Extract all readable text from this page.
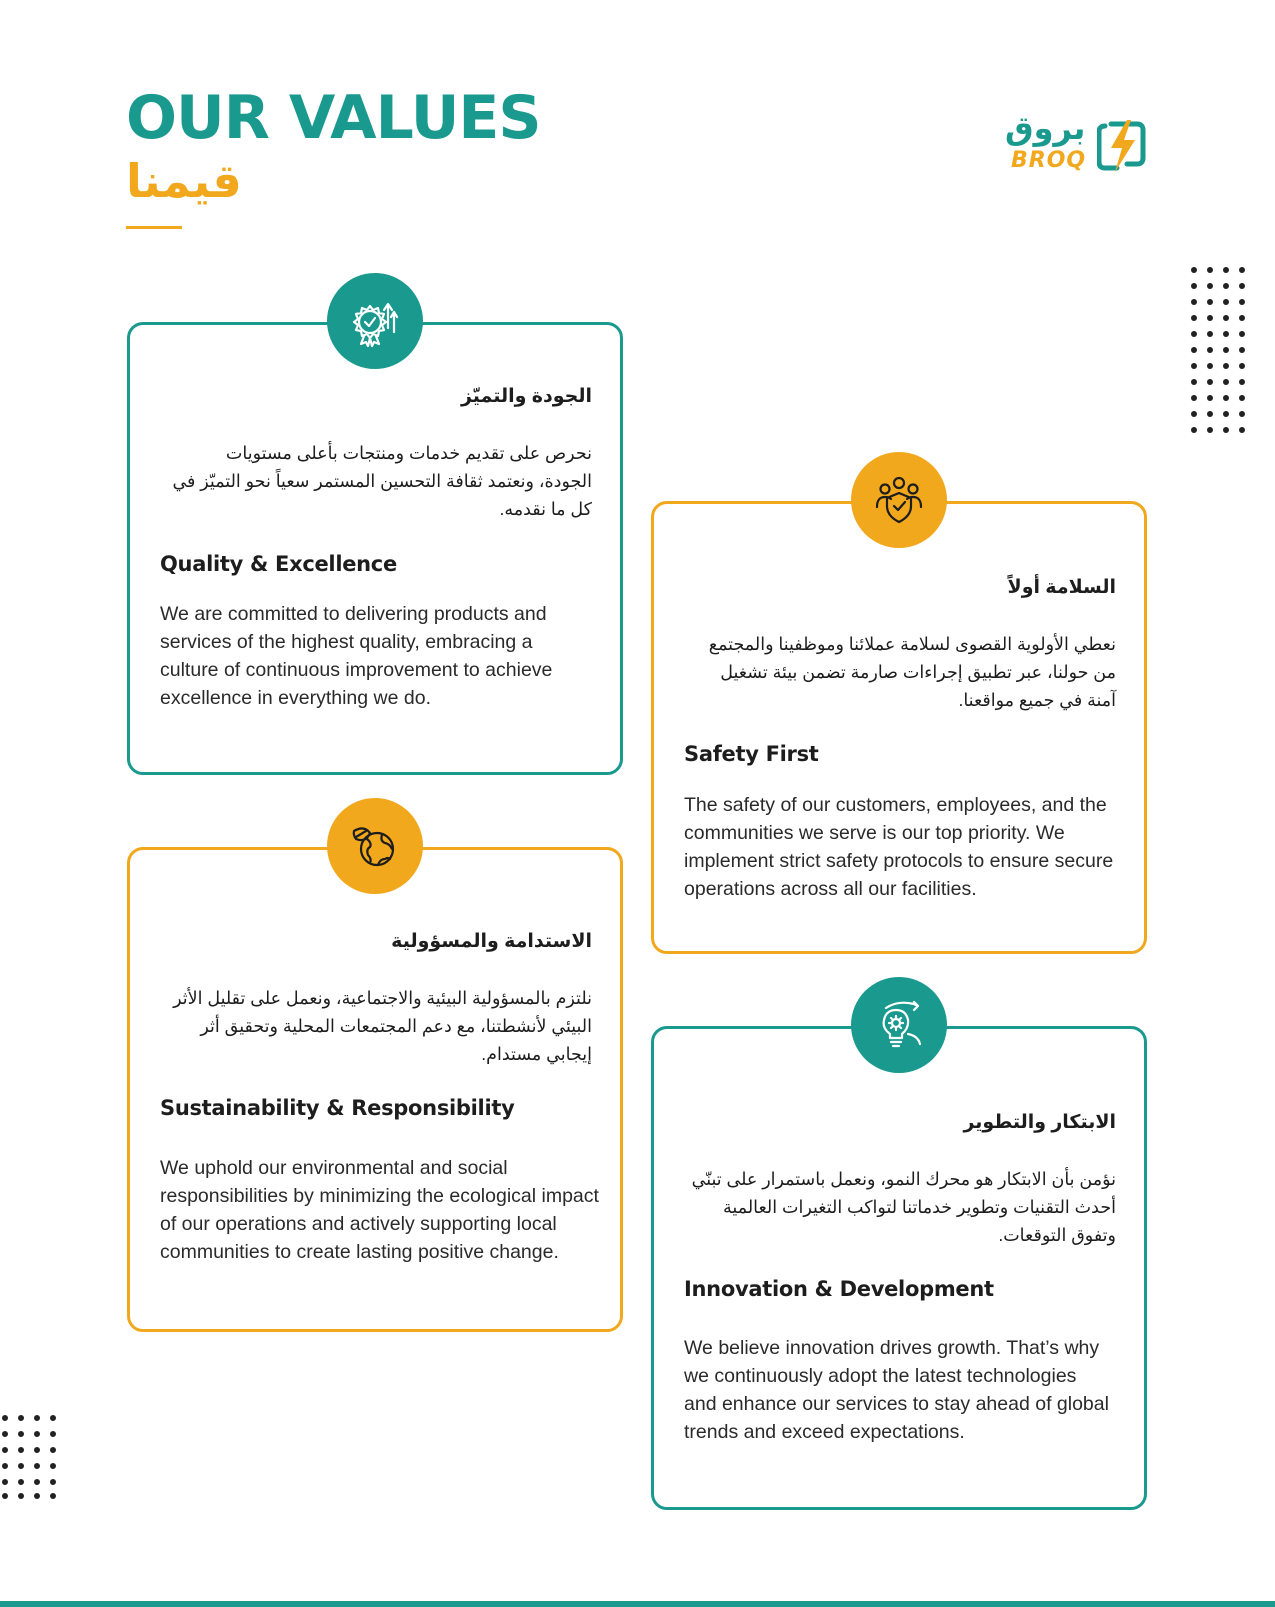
OUR VALUES
قيمنا
بروق
BROQ

الجودة والتميّز

نحرص على تقديم خدمات ومنتجات بأعلى مستويات الجودة، ونعتمد ثقافة التحسين المستمر سعياً نحو التميّز في كل ما نقدمه.

Quality & Excellence

We are committed to delivering products and services of the highest quality, embracing a culture of continuous improvement to achieve excellence in everything we do.

السلامة أولاً

نعطي الأولوية القصوى لسلامة عملائنا وموظفينا والمجتمع من حولنا، عبر تطبيق إجراءات صارمة تضمن بيئة تشغيل آمنة في جميع مواقعنا.

Safety First

The safety of our customers, employees, and the communities we serve is our top priority. We implement strict safety protocols to ensure secure operations across all our facilities.

الاستدامة والمسؤولية

نلتزم بالمسؤولية البيئية والاجتماعية، ونعمل على تقليل الأثر البيئي لأنشطتنا، مع دعم المجتمعات المحلية وتحقيق أثر إيجابي مستدام.

Sustainability & Responsibility

We uphold our environmental and social responsibilities by minimizing the ecological impact of our operations and actively supporting local communities to create lasting positive change.

الابتكار والتطوير

نؤمن بأن الابتكار هو محرك النمو، ونعمل باستمرار على تبنّي أحدث التقنيات وتطوير خدماتنا لتواكب التغيرات العالمية وتفوق التوقعات.

Innovation & Development

We believe innovation drives growth. That’s why we continuously adopt the latest technologies and enhance our services to stay ahead of global trends and exceed expectations.
